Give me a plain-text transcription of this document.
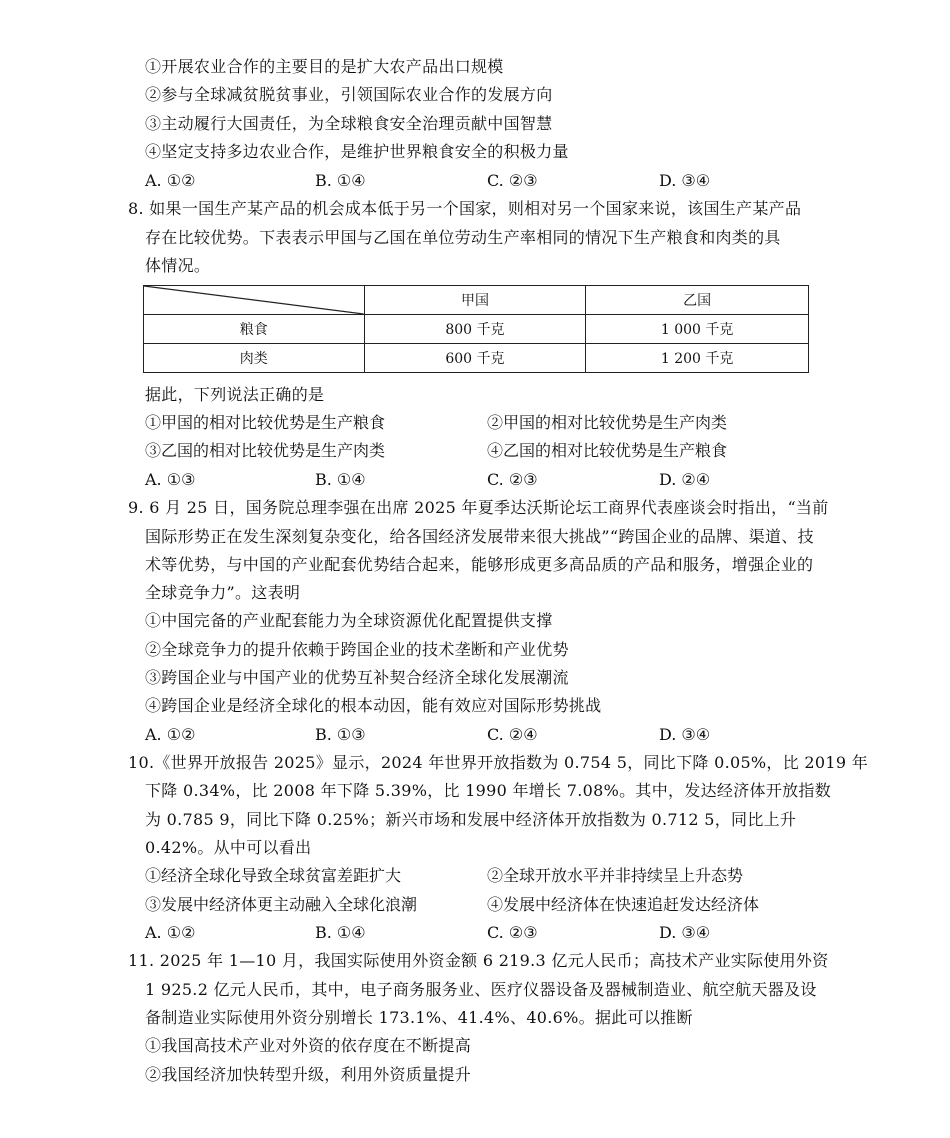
①开展农业合作的主要目的是扩大农产品出口规模
②参与全球减贫脱贫事业，引领国际农业合作的发展方向
③主动履行大国责任，为全球粮食安全治理贡献中国智慧
④坚定支持多边农业合作，是维护世界粮食安全的积极力量
A. ①②	B. ①④	C. ②③	D. ③④
8. 如果一国生产某产品的机会成本低于另一个国家，则相对另一个国家来说，该国生产某产品
存在比较优势。下表表示甲国与乙国在单位劳动生产率相同的情况下生产粮食和肉类的具
体情况。
	甲国	乙国
粮食	800 千克	1 000 千克
肉类	600 千克	1 200 千克
据此，下列说法正确的是
①甲国的相对比较优势是生产粮食	②甲国的相对比较优势是生产肉类
③乙国的相对比较优势是生产肉类	④乙国的相对比较优势是生产粮食
A. ①③	B. ①④	C. ②③	D. ②④
9. 6 月 25 日，国务院总理李强在出席 2025 年夏季达沃斯论坛工商界代表座谈会时指出，“当前
国际形势正在发生深刻复杂变化，给各国经济发展带来很大挑战”“跨国企业的品牌、渠道、技
术等优势，与中国的产业配套优势结合起来，能够形成更多高品质的产品和服务，增强企业的
全球竞争力”。这表明
①中国完备的产业配套能力为全球资源优化配置提供支撑
②全球竞争力的提升依赖于跨国企业的技术垄断和产业优势
③跨国企业与中国产业的优势互补契合经济全球化发展潮流
④跨国企业是经济全球化的根本动因，能有效应对国际形势挑战
A. ①②	B. ①③	C. ②④	D. ③④
10.《世界开放报告 2025》显示，2024 年世界开放指数为 0.754 5，同比下降 0.05%，比 2019 年
下降 0.34%，比 2008 年下降 5.39%，比 1990 年增长 7.08%。其中，发达经济体开放指数
为 0.785 9，同比下降 0.25%；新兴市场和发展中经济体开放指数为 0.712 5，同比上升
0.42%。从中可以看出
①经济全球化导致全球贫富差距扩大	②全球开放水平并非持续呈上升态势
③发展中经济体更主动融入全球化浪潮	④发展中经济体在快速追赶发达经济体
A. ①②	B. ①④	C. ②③	D. ③④
11. 2025 年 1—10 月，我国实际使用外资金额 6 219.3 亿元人民币；高技术产业实际使用外资
1 925.2 亿元人民币，其中，电子商务服务业、医疗仪器设备及器械制造业、航空航天器及设
备制造业实际使用外资分别增长 173.1%、41.4%、40.6%。据此可以推断
①我国高技术产业对外资的依存度在不断提高
②我国经济加快转型升级，利用外资质量提升
